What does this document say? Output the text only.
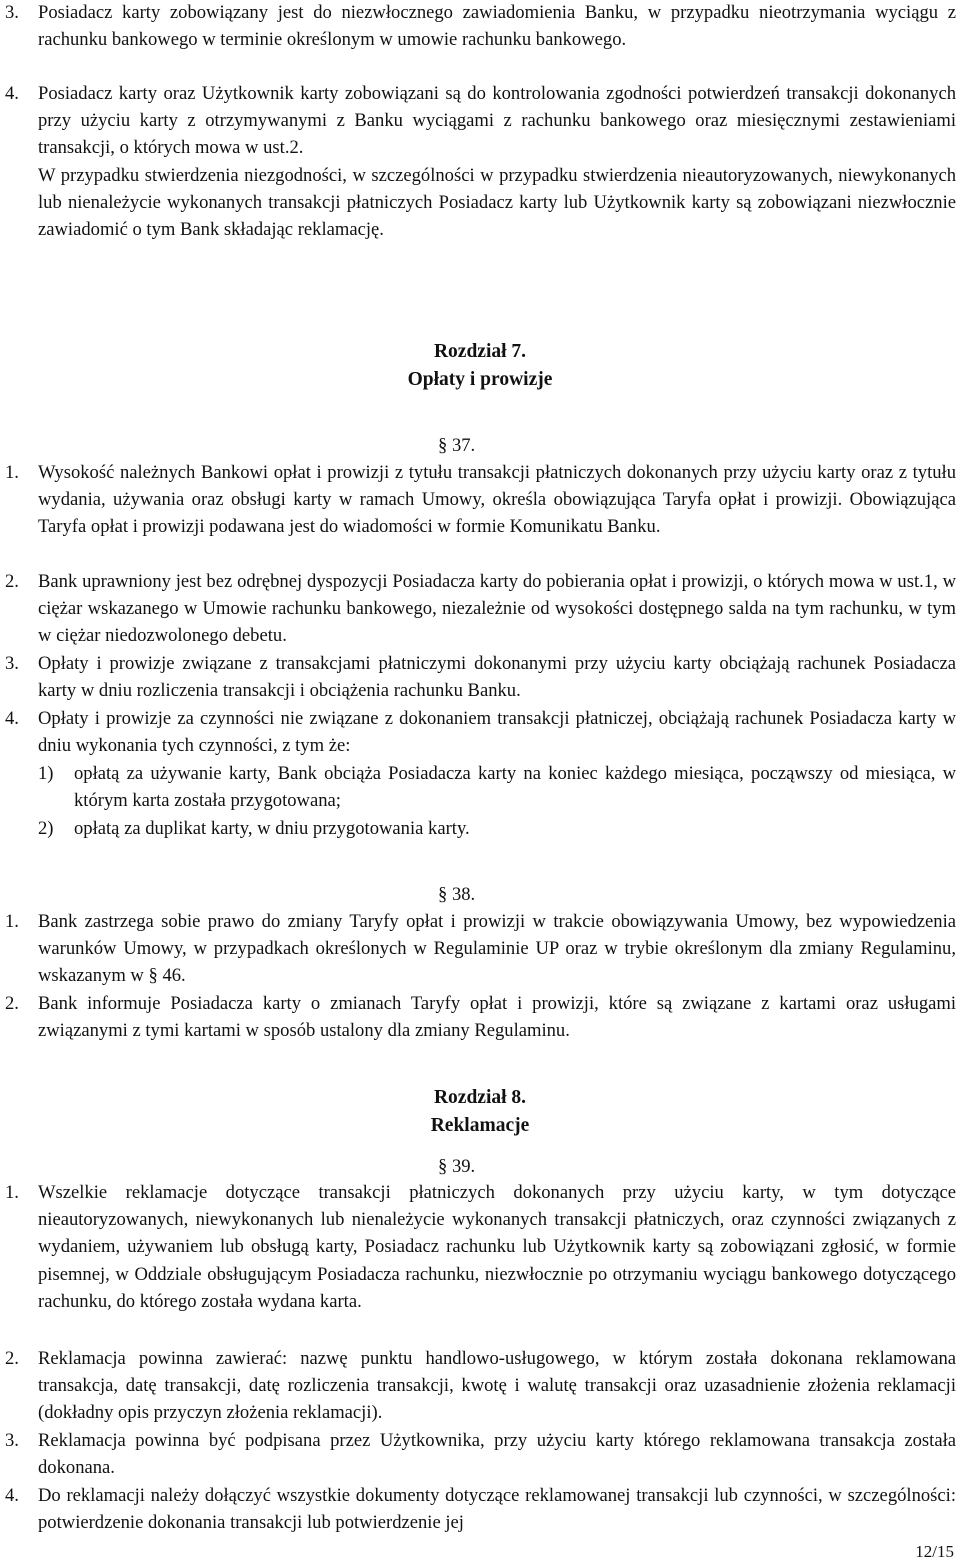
3.	Posiadacz karty zobowiązany jest do niezwłocznego zawiadomienia Banku, w przypadku nieotrzymania wyciągu z rachunku bankowego w terminie określonym w umowie rachunku bankowego.
4.	Posiadacz karty oraz Użytkownik karty zobowiązani są do kontrolowania zgodności potwierdzeń transakcji dokonanych przy użyciu karty z otrzymywanymi z Banku wyciągami z rachunku bankowego oraz miesięcznymi zestawieniami transakcji, o których mowa w ust.2.
W przypadku stwierdzenia niezgodności, w szczególności w przypadku stwierdzenia nieautoryzowanych, niewykonanych lub nienależycie wykonanych transakcji płatniczych Posiadacz karty lub Użytkownik karty są zobowiązani niezwłocznie zawiadomić o tym Bank składając reklamację.
Rozdział 7.
Opłaty i prowizje
§ 37.
1.	Wysokość należnych Bankowi opłat i prowizji z tytułu transakcji płatniczych dokonanych przy użyciu karty oraz z tytułu wydania, używania oraz obsługi karty w ramach Umowy, określa obowiązująca Taryfa opłat i prowizji. Obowiązująca Taryfa opłat i prowizji podawana jest do wiadomości w formie Komunikatu Banku.
2.	Bank uprawniony jest bez odrębnej dyspozycji Posiadacza karty do pobierania opłat i prowizji, o których mowa w ust.1, w ciężar wskazanego w Umowie rachunku bankowego, niezależnie od wysokości dostępnego salda na tym rachunku, w tym w ciężar niedozwolonego debetu.
3.	Opłaty i prowizje związane z transakcjami płatniczymi dokonanymi przy użyciu karty obciążają rachunek Posiadacza karty w dniu rozliczenia transakcji i obciążenia rachunku Banku.
4.	Opłaty i prowizje za czynności nie związane z dokonaniem transakcji płatniczej, obciążają rachunek Posiadacza karty w dniu wykonania tych czynności, z tym że:
1)	opłatą za używanie karty, Bank obciąża Posiadacza karty na koniec każdego miesiąca, począwszy od miesiąca, w którym karta została przygotowana;
2)	opłatą za duplikat karty, w dniu przygotowania karty.
§ 38.
1.	Bank zastrzega sobie prawo do zmiany Taryfy opłat i prowizji w trakcie obowiązywania Umowy, bez wypowiedzenia warunków Umowy, w przypadkach określonych w Regulaminie UP oraz w trybie określonym dla zmiany Regulaminu, wskazanym w § 46.
2.	Bank informuje Posiadacza karty o zmianach Taryfy opłat i prowizji, które są związane z kartami oraz usługami związanymi z tymi kartami w sposób ustalony dla zmiany Regulaminu.
Rozdział 8.
Reklamacje
§ 39.
1.	Wszelkie reklamacje dotyczące transakcji płatniczych dokonanych przy użyciu karty, w tym dotyczące nieautoryzowanych, niewykonanych lub nienależycie wykonanych transakcji płatniczych, oraz czynności związanych z wydaniem, używaniem lub obsługą karty, Posiadacz rachunku lub Użytkownik karty są zobowiązani zgłosić, w formie pisemnej, w Oddziale obsługującym Posiadacza rachunku, niezwłocznie po otrzymaniu wyciągu bankowego dotyczącego rachunku, do którego została wydana karta.
2.	Reklamacja powinna zawierać: nazwę punktu handlowo-usługowego, w którym została dokonana reklamowana transakcja, datę transakcji, datę rozliczenia transakcji, kwotę i walutę transakcji oraz uzasadnienie złożenia reklamacji (dokładny opis przyczyn złożenia reklamacji).
3.	Reklamacja powinna być podpisana przez Użytkownika, przy użyciu karty którego reklamowana transakcja została dokonana.
4.	Do reklamacji należy dołączyć wszystkie dokumenty dotyczące reklamowanej transakcji lub czynności, w szczególności: potwierdzenie dokonania transakcji lub potwierdzenie jej
12/15
